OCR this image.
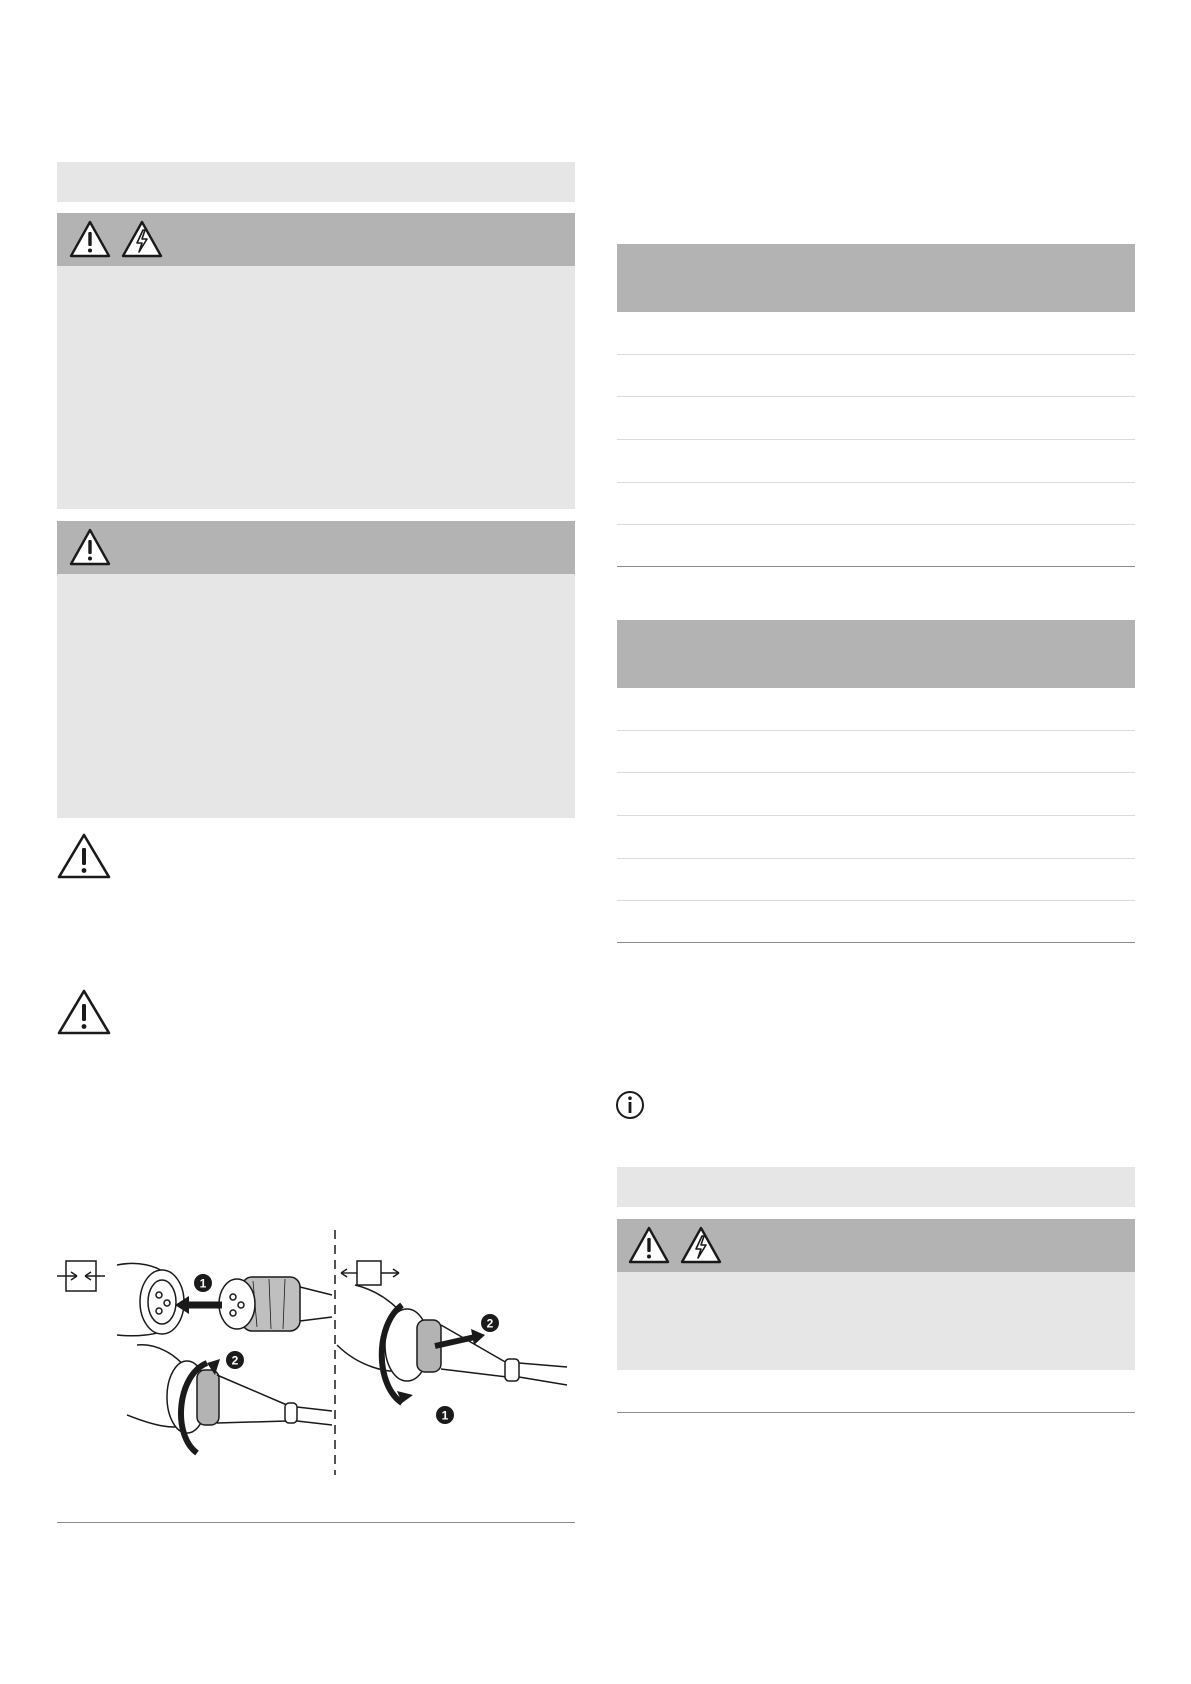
1
2
2
1
